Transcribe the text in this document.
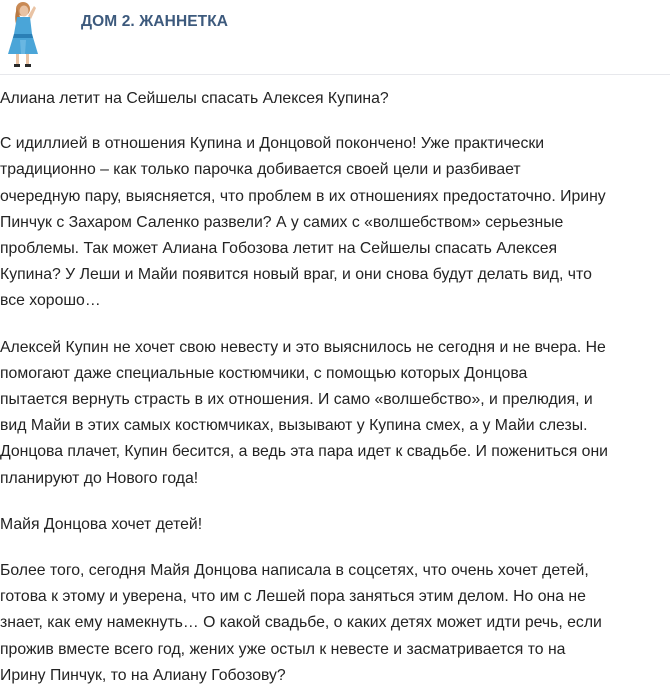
ДОМ 2. ЖАННЕТКА

Алиана летит на Сейшелы спасать Алексея Купина?

С идиллией в отношения Купина и Донцовой покончено! Уже практически
традиционно – как только парочка добивается своей цели и разбивает
очередную пару, выясняется, что проблем в их отношениях предостаточно. Ирину
Пинчук с Захаром Саленко развели? А у самих с «волшебством» серьезные
проблемы. Так может Алиана Гобозова летит на Сейшелы спасать Алексея
Купина? У Леши и Майи появится новый враг, и они снова будут делать вид, что
все хорошо…

Алексей Купин не хочет свою невесту и это выяснилось не сегодня и не вчера. Не
помогают даже специальные костюмчики, с помощью которых Донцова
пытается вернуть страсть в их отношения. И само «волшебство», и прелюдия, и
вид Майи в этих самых костюмчиках, вызывают у Купина смех, а у Майи слезы.
Донцова плачет, Купин бесится, а ведь эта пара идет к свадьбе. И пожениться они
планируют до Нового года!

Майя Донцова хочет детей!

Более того, сегодня Майя Донцова написала в соцсетях, что очень хочет детей,
готова к этому и уверена, что им с Лешей пора заняться этим делом. Но она не
знает, как ему намекнуть… О какой свадьбе, о каких детях может идти речь, если
прожив вместе всего год, жених уже остыл к невесте и засматривается то на
Ирину Пинчук, то на Алиану Гобозову?
